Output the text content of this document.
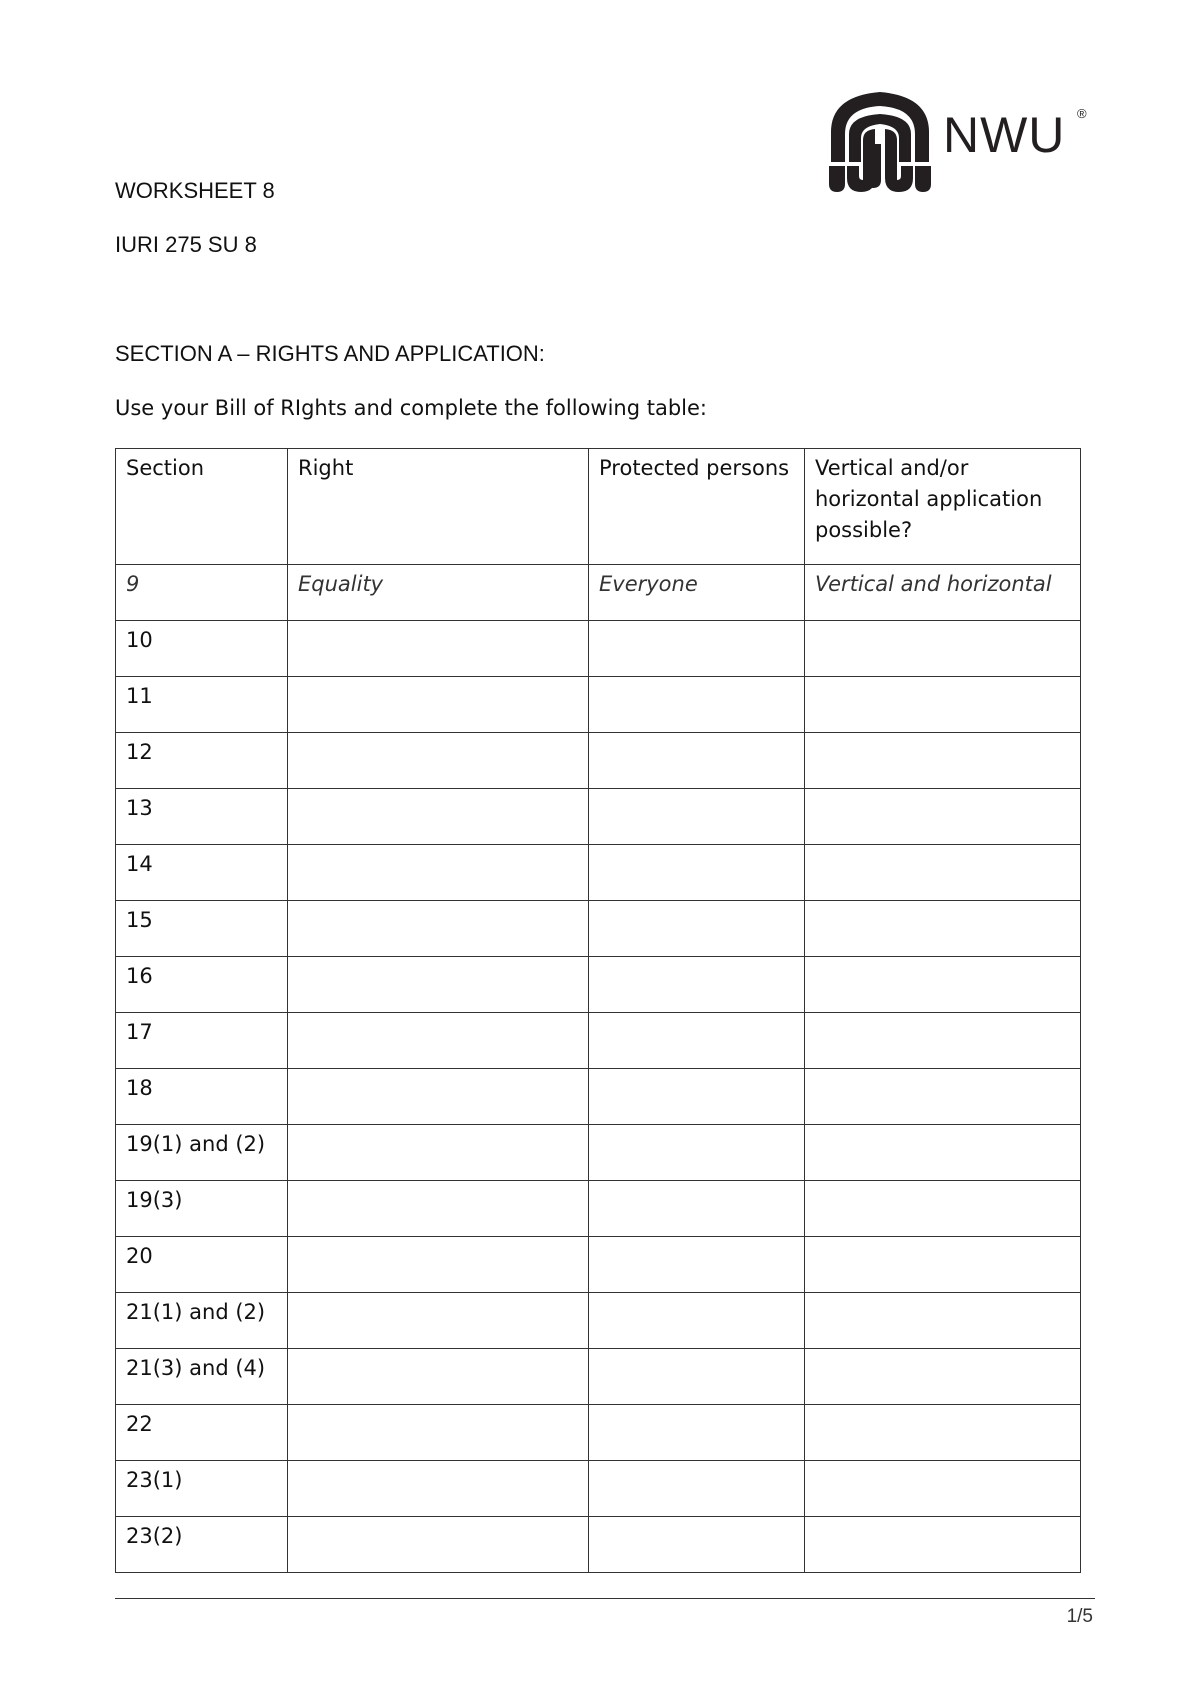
NWU ®
WORKSHEET 8
IURI 275 SU 8
SECTION A – RIGHTS AND APPLICATION:
Use your Bill of RIghts and complete the following table:
Section	Right	Protected persons	Vertical and/or horizontal application possible?
9	Equality	Everyone	Vertical and horizontal
10			
11			
12			
13			
14			
15			
16			
17			
18			
19(1) and (2)			
19(3)			
20			
21(1) and (2)			
21(3) and (4)			
22			
23(1)			
23(2)			
1/5
